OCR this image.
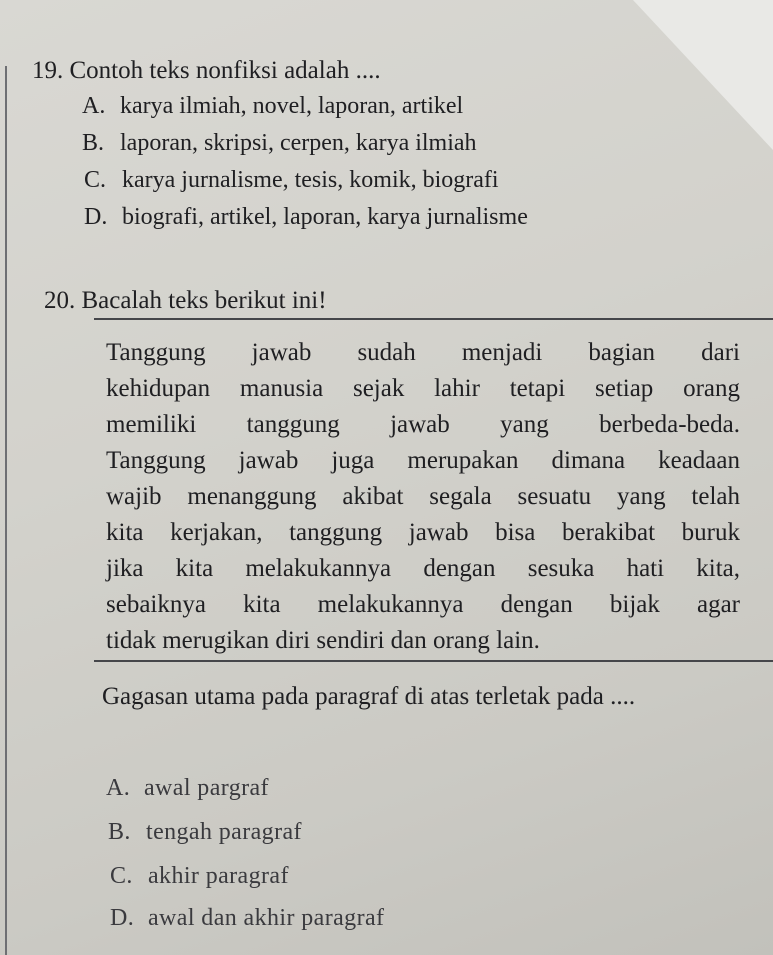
19. Contoh teks nonfiksi adalah ....
A. karya ilmiah, novel, laporan, artikel
B. laporan, skripsi, cerpen, karya ilmiah
C. karya jurnalisme, tesis, komik, biografi
D. biografi, artikel, laporan, karya jurnalisme
20. Bacalah teks berikut ini!
Tanggung jawab sudah menjadi bagian dari
kehidupan manusia sejak lahir tetapi setiap orang
memiliki tanggung jawab yang berbeda-beda.
Tanggung jawab juga merupakan dimana keadaan
wajib menanggung akibat segala sesuatu yang telah
kita kerjakan, tanggung jawab bisa berakibat buruk
jika kita melakukannya dengan sesuka hati kita,
sebaiknya kita melakukannya dengan bijak agar
tidak merugikan diri sendiri dan orang lain.
Gagasan utama pada paragraf di atas terletak pada ....
A. awal pargraf
B. tengah paragraf
C. akhir paragraf
D. awal dan akhir paragraf
